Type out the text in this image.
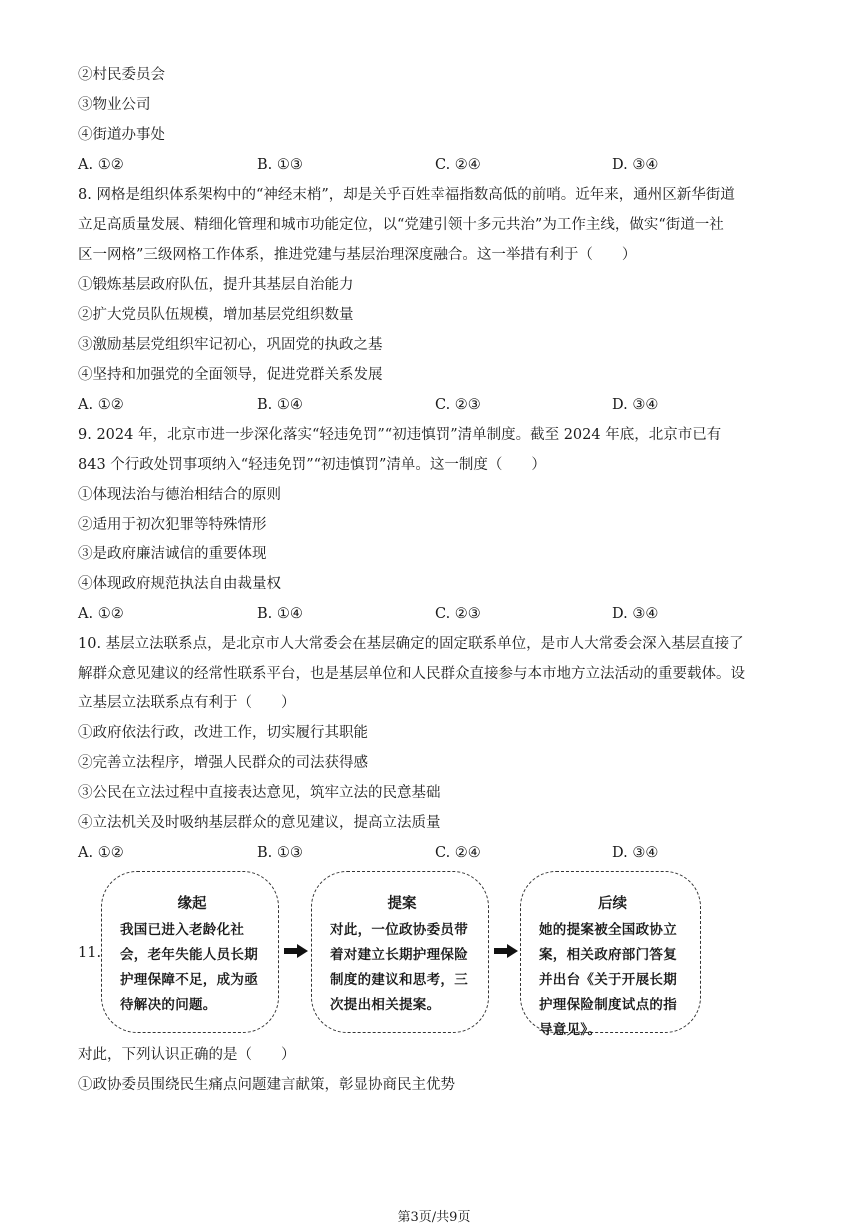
②村民委员会
③物业公司
④街道办事处
A. ①②	B. ①③	C. ②④	D. ③④
8. 网格是组织体系架构中的“神经末梢”，却是关乎百姓幸福指数高低的前哨。近年来，通州区新华街道
立足高质量发展、精细化管理和城市功能定位，以“党建引领十多元共治”为工作主线，做实“街道一社
区一网格”三级网格工作体系，推进党建与基层治理深度融合。这一举措有利于（　　）
①锻炼基层政府队伍，提升其基层自治能力
②扩大党员队伍规模，增加基层党组织数量
③激励基层党组织牢记初心，巩固党的执政之基
④坚持和加强党的全面领导，促进党群关系发展
A. ①②	B. ①④	C. ②③	D. ③④
9. 2024 年，北京市进一步深化落实“轻违免罚”“初违慎罚”清单制度。截至 2024 年底，北京市已有
843 个行政处罚事项纳入“轻违免罚”“初违慎罚”清单。这一制度（　　）
①体现法治与德治相结合的原则
②适用于初次犯罪等特殊情形
③是政府廉洁诚信的重要体现
④体现政府规范执法自由裁量权
A. ①②	B. ①④	C. ②③	D. ③④
10. 基层立法联系点，是北京市人大常委会在基层确定的固定联系单位，是市人大常委会深入基层直接了
解群众意见建议的经常性联系平台，也是基层单位和人民群众直接参与本市地方立法活动的重要载体。设
立基层立法联系点有利于（　　）
①政府依法行政，改进工作，切实履行其职能
②完善立法程序，增强人民群众的司法获得感
③公民在立法过程中直接表达意见，筑牢立法的民意基础
④立法机关及时吸纳基层群众的意见建议，提高立法质量
A. ①②	B. ①③	C. ②④	D. ③④
11.
缘起
我国已进入老龄化社会，老年失能人员长期护理保障不足，成为亟待解决的问题。
提案
对此，一位政协委员带着对建立长期护理保险制度的建议和思考，三次提出相关提案。
后续
她的提案被全国政协立案，相关政府部门答复并出台《关于开展长期护理保险制度试点的指导意见》。
对此，下列认识正确的是（　　）
①政协委员围绕民生痛点问题建言献策，彰显协商民主优势
第3页/共9页
